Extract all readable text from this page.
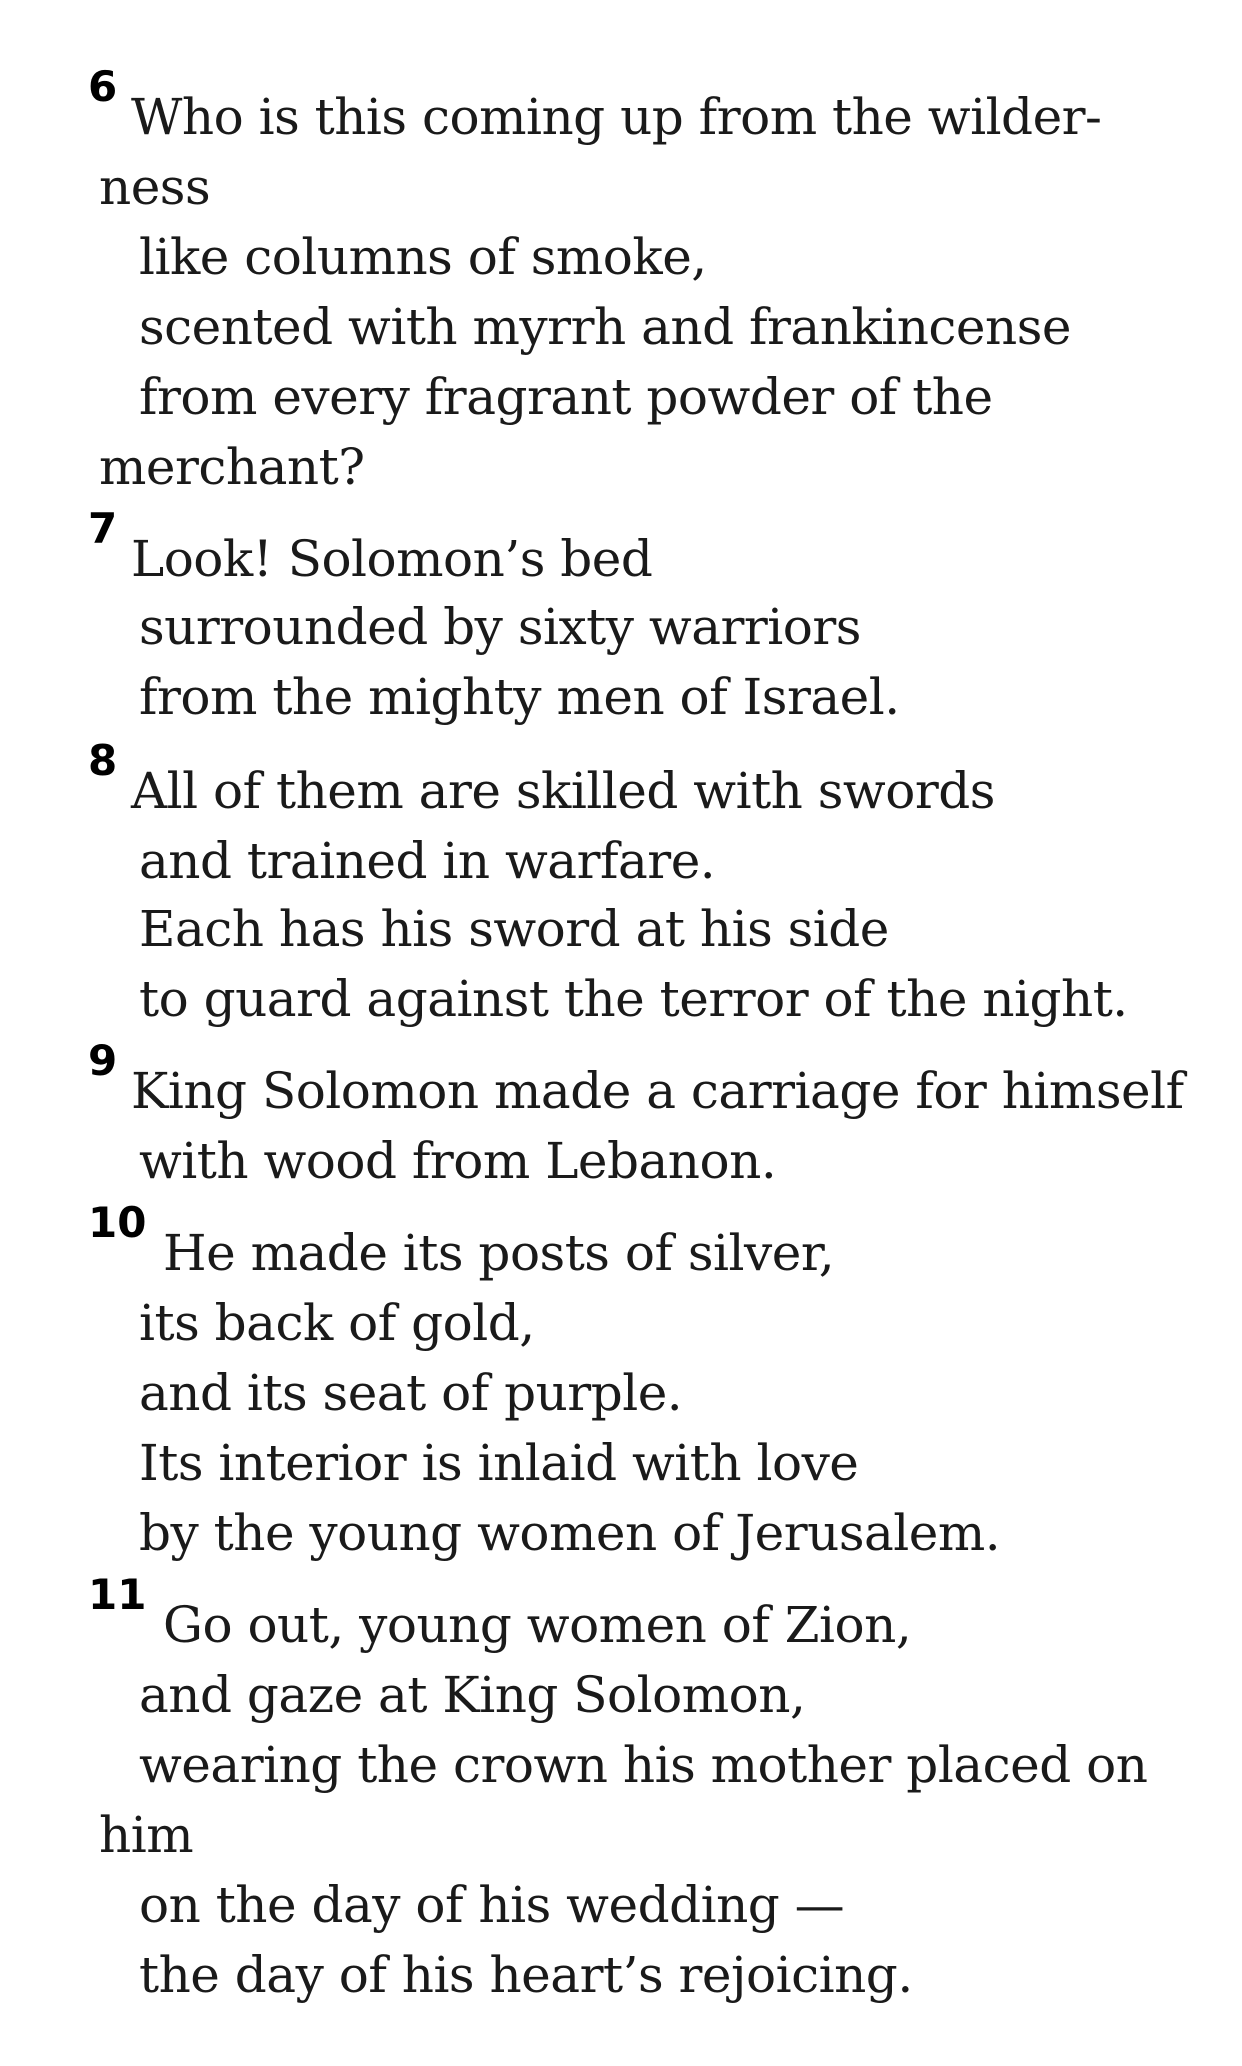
6
Who is this coming up from the wilder-
ness
like columns of smoke,
scented with myrrh and frankincense
from every fragrant powder of the
merchant?
7
Look! Solomon’s bed
surrounded by sixty warriors
from the mighty men of Israel.
8
All of them are skilled with swords
and trained in warfare.
Each has his sword at his side
to guard against the terror of the night.
9
King Solomon made a carriage for himself
with wood from Lebanon.
10
He made its posts of silver,
its back of gold,
and its seat of purple.
Its interior is inlaid with love
by the young women of Jerusalem.
11
Go out, young women of Zion,
and gaze at King Solomon,
wearing the crown his mother placed on
him
on the day of his wedding —
the day of his heart’s rejoicing.
